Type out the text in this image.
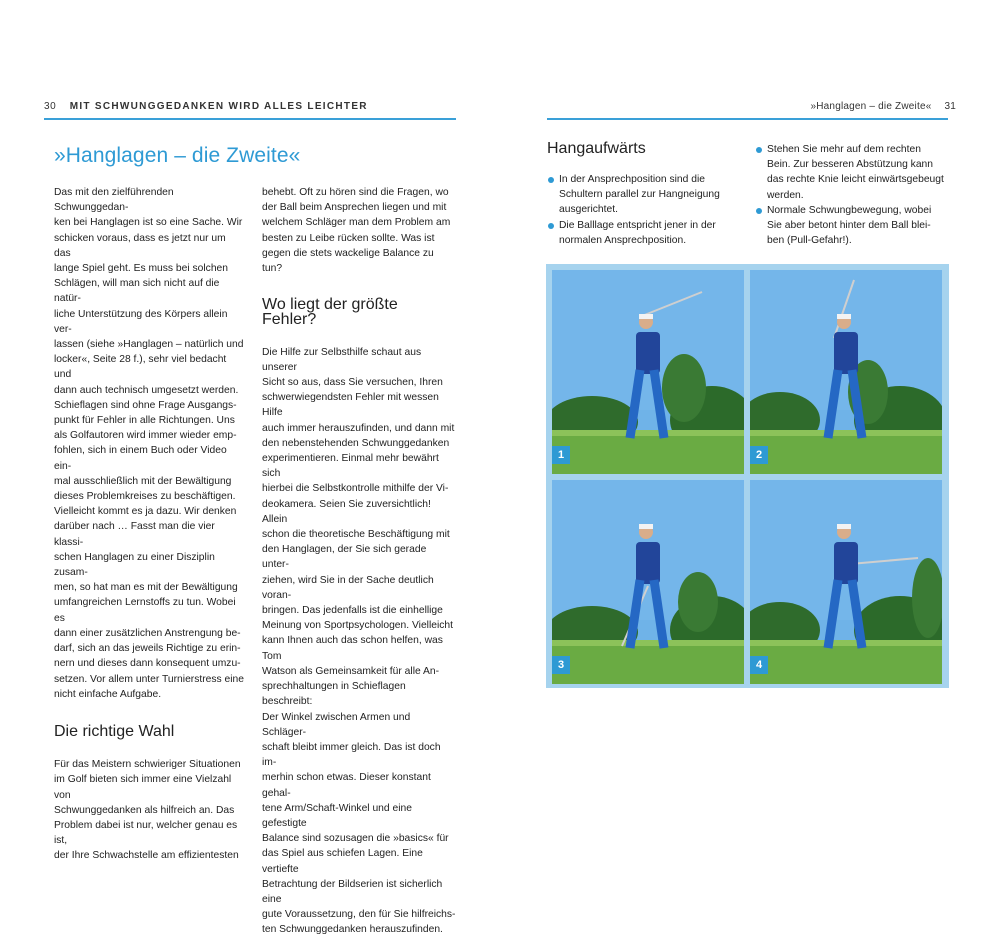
30 MIT SCHWUNGGEDANKEN WIRD ALLES LEICHTER	»Hanglagen – die Zweite« 31
»Hanglagen – die Zweite«

Das mit den zielführenden Schwunggedan-

ken bei Hanglagen ist so eine Sache. Wir

schicken voraus, dass es jetzt nur um das

lange Spiel geht. Es muss bei solchen

Schlägen, will man sich nicht auf die natür-

liche Unterstützung des Körpers allein ver-

lassen (siehe »Hanglagen – natürlich und

locker«, Seite 28 f.), sehr viel bedacht und

dann auch technisch umgesetzt werden.

Schieflagen sind ohne Frage Ausgangs-

punkt für Fehler in alle Richtungen. Uns

als Golfautoren wird immer wieder emp-

fohlen, sich in einem Buch oder Video ein-

mal ausschließlich mit der Bewältigung

dieses Problemkreises zu beschäftigen.

Vielleicht kommt es ja dazu. Wir denken

darüber nach … Fasst man die vier klassi-

schen Hanglagen zu einer Disziplin zusam-

men, so hat man es mit der Bewältigung

umfangreichen Lernstoffs zu tun. Wobei es

dann einer zusätzlichen Anstrengung be-

darf, sich an das jeweils Richtige zu erin-

nern und dieses dann konsequent umzu-

setzen. Vor allem unter Turnierstress eine

nicht einfache Aufgabe.

Die richtige Wahl

Für das Meistern schwieriger Situationen

im Golf bieten sich immer eine Vielzahl von

Schwunggedanken als hilfreich an. Das

Problem dabei ist nur, welcher genau es ist,

der Ihre Schwachstelle am effizientesten

behebt. Oft zu hören sind die Fragen, wo

der Ball beim Ansprechen liegen und mit

welchem Schläger man dem Problem am

besten zu Leibe rücken sollte. Was ist

gegen die stets wackelige Balance zu tun?

Wo liegt der größte Fehler?

Die Hilfe zur Selbsthilfe schaut aus unserer

Sicht so aus, dass Sie versuchen, Ihren

schwerwiegendsten Fehler mit wessen Hilfe

auch immer herauszufinden, und dann mit

den nebenstehenden Schwunggedanken

experimentieren. Einmal mehr bewährt sich

hierbei die Selbstkontrolle mithilfe der Vi-

deokamera. Seien Sie zuversichtlich! Allein

schon die theoretische Beschäftigung mit

den Hanglagen, der Sie sich gerade unter-

ziehen, wird Sie in der Sache deutlich voran-

bringen. Das jedenfalls ist die einhellige

Meinung von Sportpsychologen. Vielleicht

kann Ihnen auch das schon helfen, was Tom

Watson als Gemeinsamkeit für alle An-

sprechhaltungen in Schieflagen beschreibt:

Der Winkel zwischen Armen und Schläger-

schaft bleibt immer gleich. Das ist doch im-

merhin schon etwas. Dieser konstant gehal-

tene Arm/Schaft-Winkel und eine gefestigte

Balance sind sozusagen die »basics« für

das Spiel aus schiefen Lagen. Eine vertiefte

Betrachtung der Bildserien ist sicherlich eine

gute Voraussetzung, den für Sie hilfreichs-

ten Schwunggedanken herauszufinden.

Hangaufwärts
In der Ansprechposition sind die
Schultern parallel zur Hangneigung
ausgerichtet.
Die Balllage entspricht jener in der
normalen Ansprechposition.
Stehen Sie mehr auf dem rechten
Bein. Zur besseren Abstützung kann
das rechte Knie leicht einwärtsgebeugt
werden.
Normale Schwungbewegung, wobei
Sie aber betont hinter dem Ball blei-
ben (Pull-Gefahr!).
1	2
3	4
